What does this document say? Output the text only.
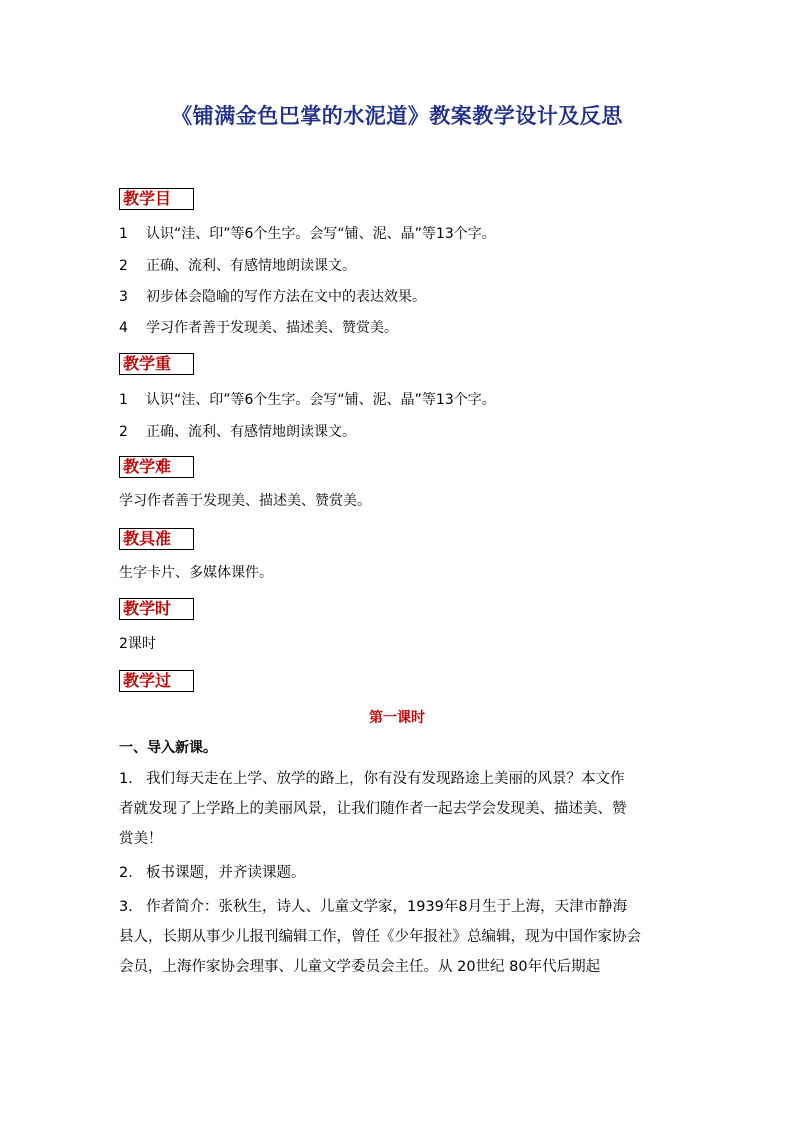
《铺满金色巴掌的水泥道》教案教学设计及反思
教学目
1 认识“洼、印”等6个生字。会写“铺、泥、晶”等13个字。
2 正确、流利、有感情地朗读课文。
3 初步体会隐喻的写作方法在文中的表达效果。
4 学习作者善于发现美、描述美、赞赏美。
教学重
1 认识“洼、印”等6个生字。会写“铺、泥、晶”等13个字。
2 正确、流利、有感情地朗读课文。
教学难
学习作者善于发现美、描述美、赞赏美。
教具准
生字卡片、多媒体课件。
教学时
2课时
教学过
第一课时
一、导入新课。
1. 我们每天走在上学、放学的路上，你有没有发现路途上美丽的风景？本文作
者就发现了上学路上的美丽风景，让我们随作者一起去学会发现美、描述美、赞
赏美！
2. 板书课题，并齐读课题。
3. 作者简介：张秋生，诗人、儿童文学家，1939年8月生于上海，天津市静海
县人，长期从事少儿报刊编辑工作，曾任《少年报社》总编辑，现为中国作家协会
会员，上海作家协会理事、儿童文学委员会主任。从 20世纪 80年代后期起
